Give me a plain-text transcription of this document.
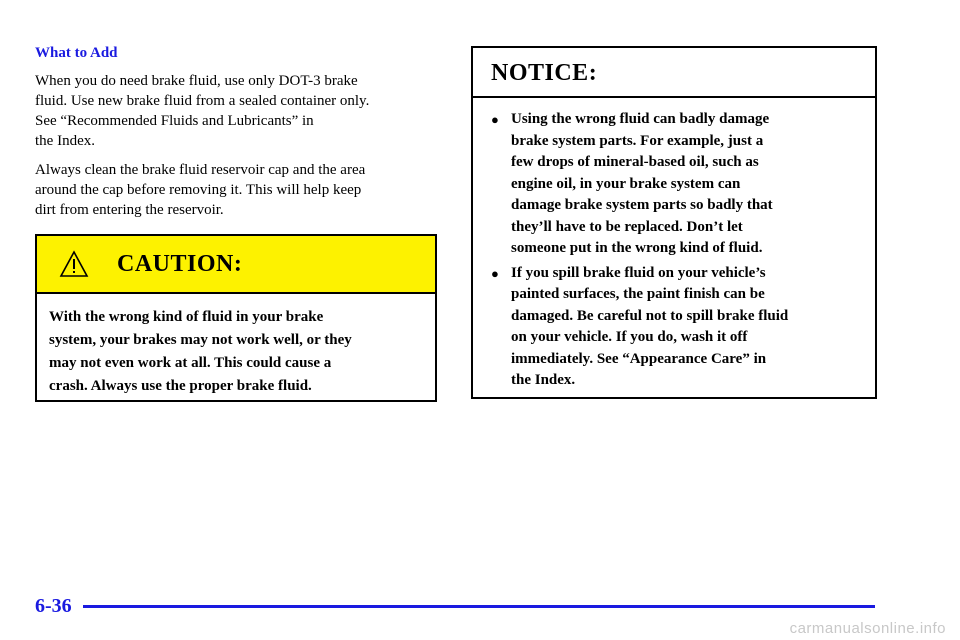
What to Add
When you do need brake fluid, use only DOT-3 brake
fluid. Use new brake fluid from a sealed container only.
See “Recommended Fluids and Lubricants” in
the Index.
Always clean the brake fluid reservoir cap and the area
around the cap before removing it. This will help keep
dirt from entering the reservoir.
CAUTION:
With the wrong kind of fluid in your brake
system, your brakes may not work well, or they
may not even work at all. This could cause a
crash. Always use the proper brake fluid.
NOTICE:
● Using the wrong fluid can badly damage
brake system parts. For example, just a
few drops of mineral-based oil, such as
engine oil, in your brake system can
damage brake system parts so badly that
they’ll have to be replaced. Don’t let
someone put in the wrong kind of fluid.
● If you spill brake fluid on your vehicle’s
painted surfaces, the paint finish can be
damaged. Be careful not to spill brake fluid
on your vehicle. If you do, wash it off
immediately. See “Appearance Care” in
the Index.
6-36
carmanualsonline.info
